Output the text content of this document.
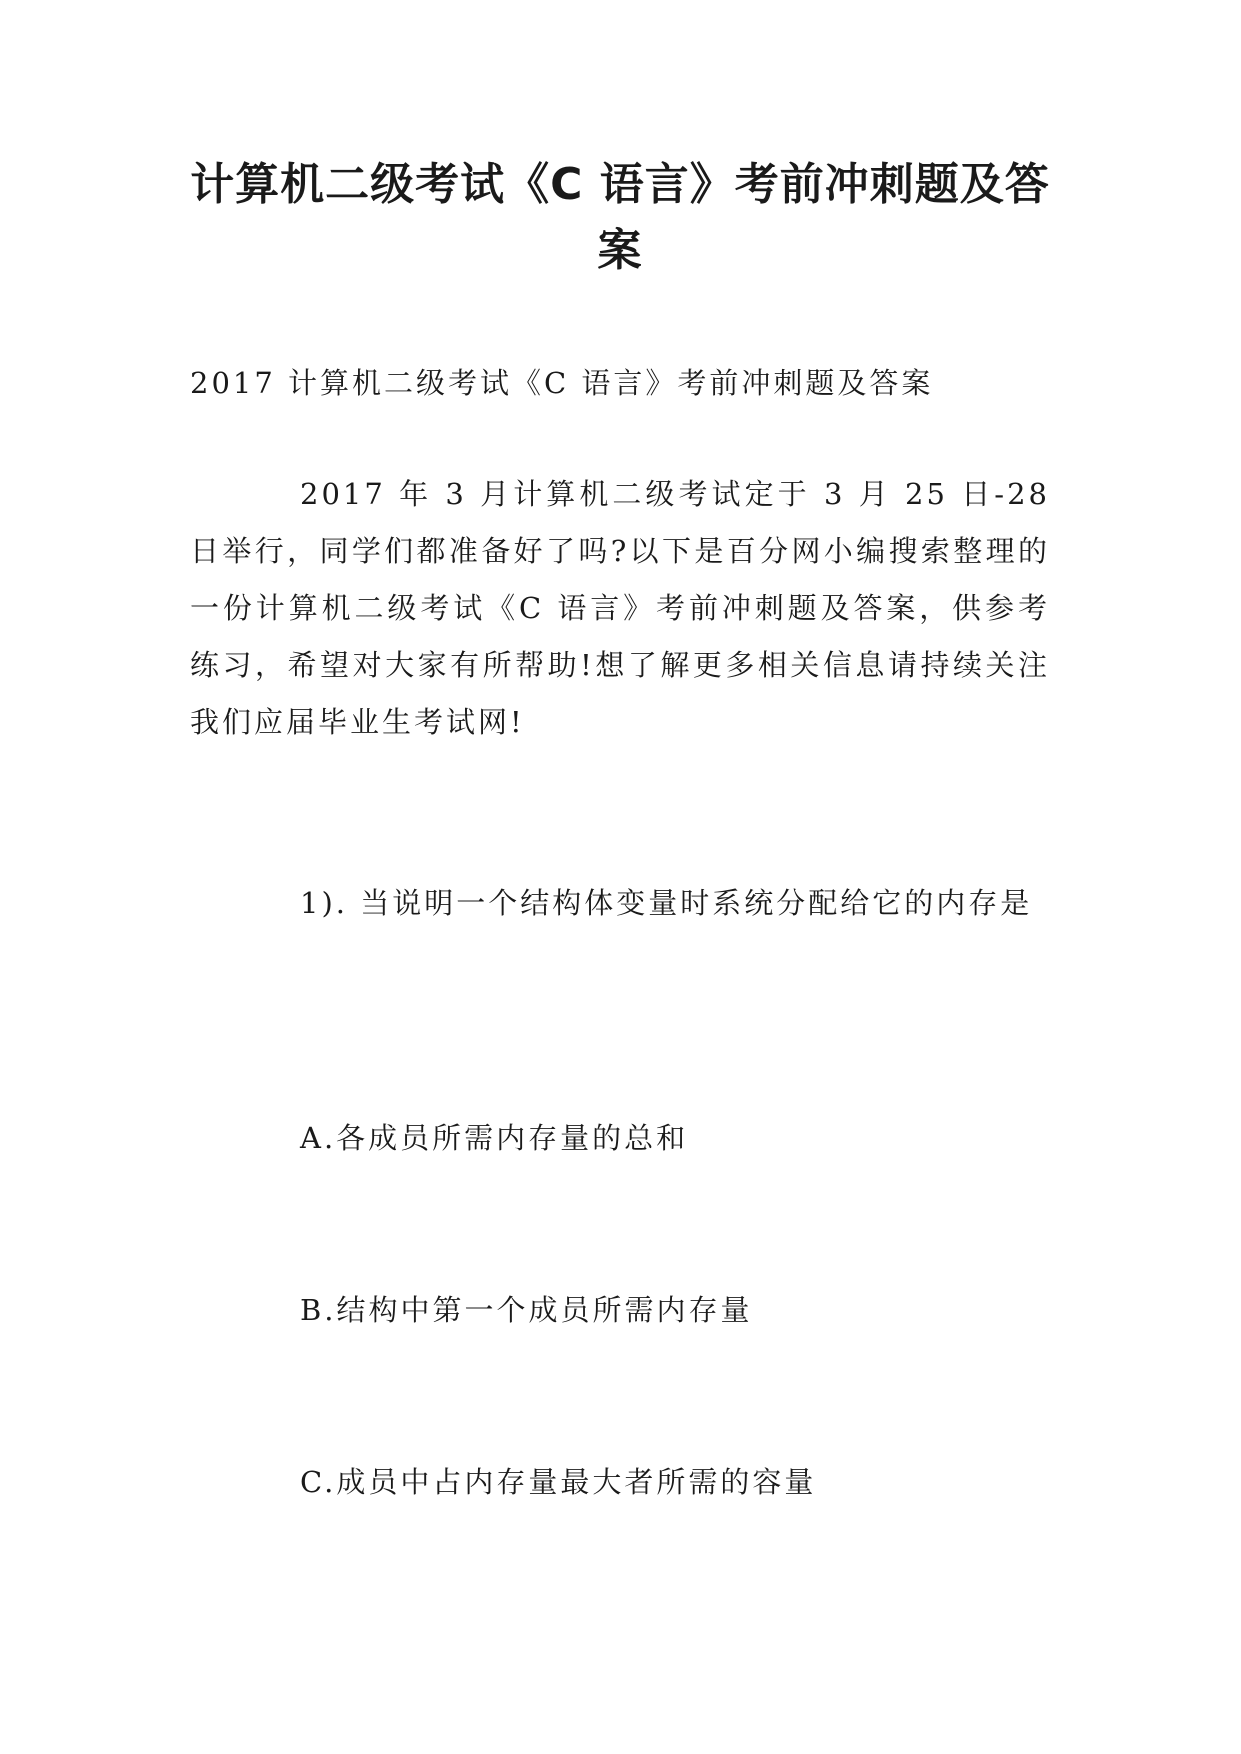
计算机二级考试《C 语言》考前冲刺题及答案

2017 计算机二级考试《C 语言》考前冲刺题及答案

2017 年 3 月计算机二级考试定于 3 月 25 日-28 日举行，同学们都准备好了吗?以下是百分网小编搜索整理的一份计算机二级考试《C 语言》考前冲刺题及答案，供参考练习，希望对大家有所帮助!想了解更多相关信息请持续关注我们应届毕业生考试网!

1). 当说明一个结构体变量时系统分配给它的内存是

A.各成员所需内存量的总和

B.结构中第一个成员所需内存量

C.成员中占内存量最大者所需的容量
